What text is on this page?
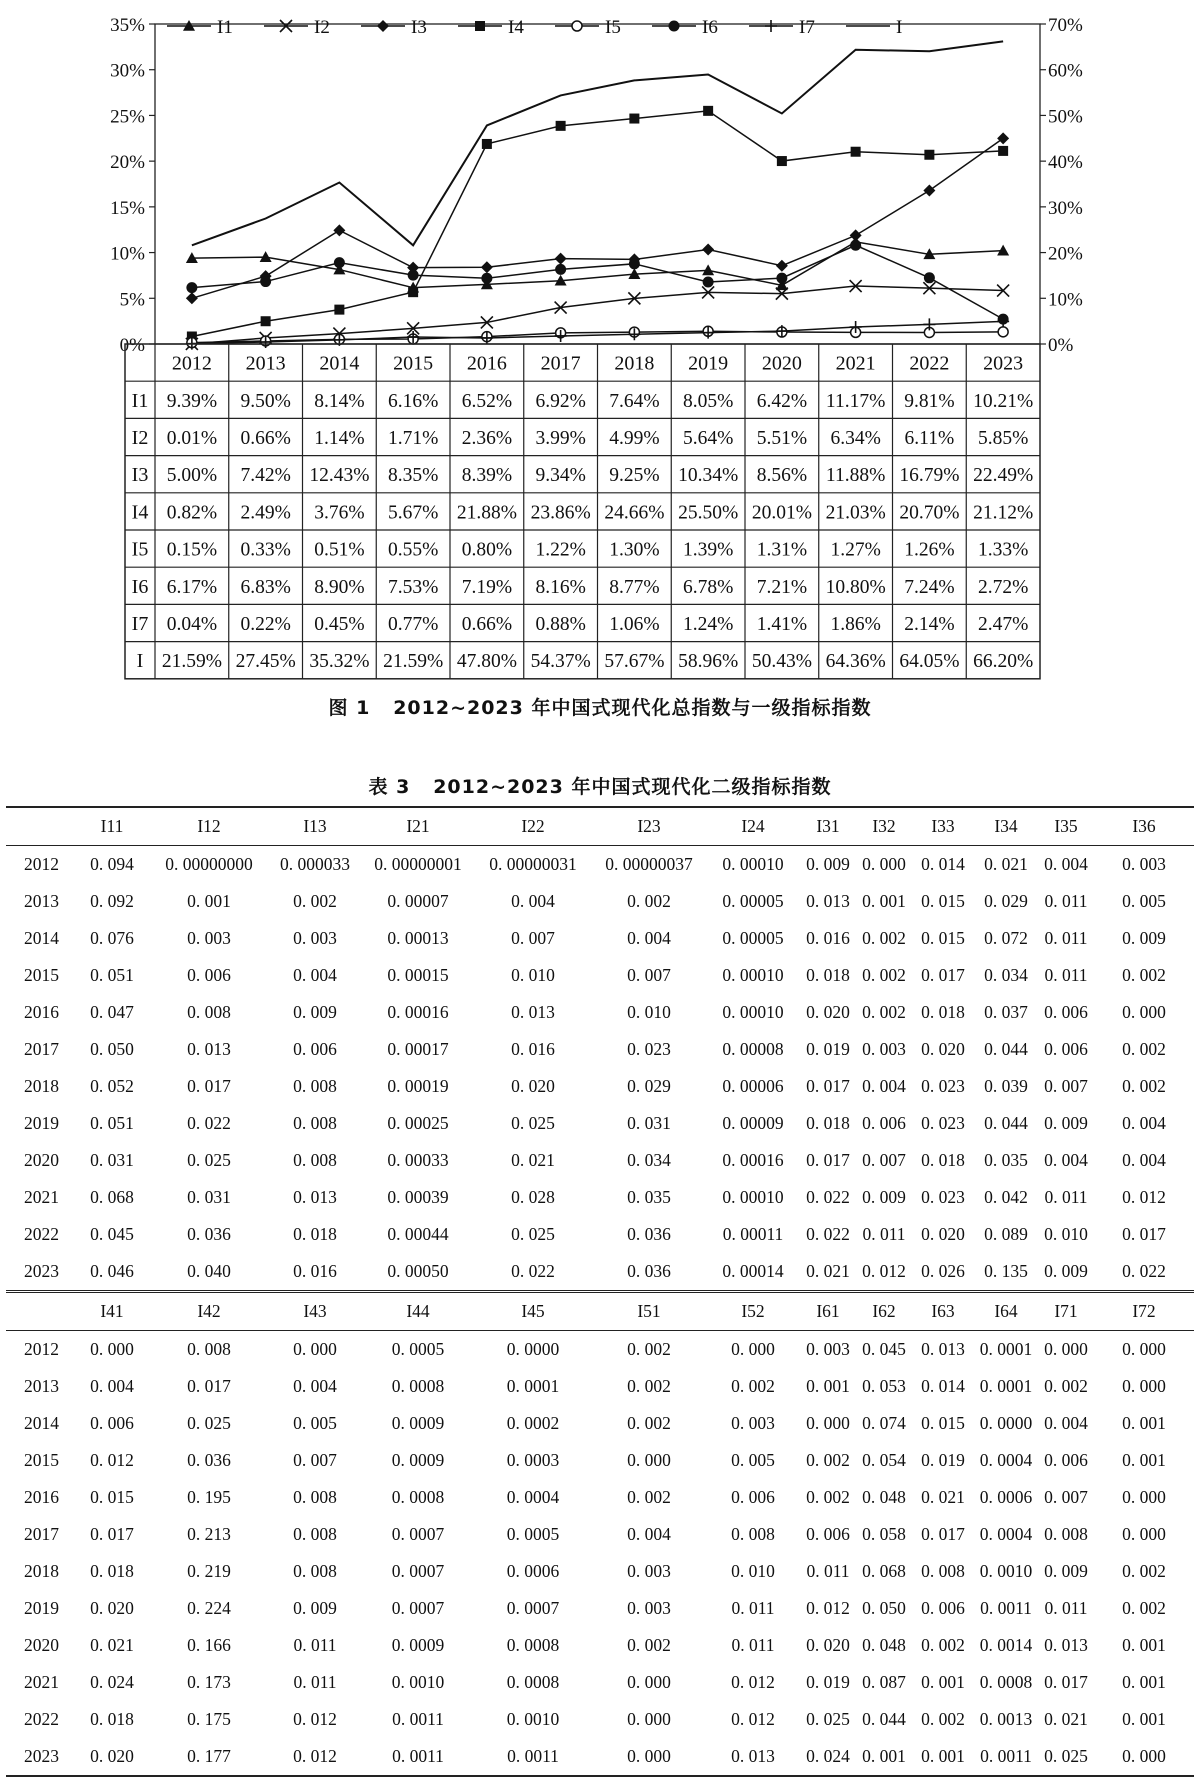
0%
5%
10%
15%
20%
25%
30%
35%
0%
10%
20%
30%
40%
50%
60%
70%
I1	I2	I3	I4	I5	I6	I7	I
2012 2013 2014 2015 2016 2017 2018 2019 2020 2021 2022 2023
I1 9.39% 9.50% 8.14% 6.16% 6.52% 6.92% 7.64% 8.05% 6.42% 11.17% 9.81% 10.21%
I2 0.01% 0.66% 1.14% 1.71% 2.36% 3.99% 4.99% 5.64% 5.51% 6.34% 6.11% 5.85%
I3 5.00% 7.42% 12.43% 8.35% 8.39% 9.34% 9.25% 10.34% 8.56% 11.88% 16.79% 22.49%
I4 0.82% 2.49% 3.76% 5.67% 21.88% 23.86% 24.66% 25.50% 20.01% 21.03% 20.70% 21.12%
I5 0.15% 0.33% 0.51% 0.55% 0.80% 1.22% 1.30% 1.39% 1.31% 1.27% 1.26% 1.33%
I6 6.17% 6.83% 8.90% 7.53% 7.19% 8.16% 8.77% 6.78% 7.21% 10.80% 7.24% 2.72%
I7 0.04% 0.22% 0.45% 0.77% 0.66% 0.88% 1.06% 1.24% 1.41% 1.86% 2.14% 2.47%
I 21.59% 27.45% 35.32% 21.59% 47.80% 54.37% 57.67% 58.96% 50.43% 64.36% 64.05% 66.20%
图 1 2012~2023 年中国式现代化总指数与一级指标指数
表 3 2012~2023 年中国式现代化二级指标指数
	I11	I12	I13	I21	I22	I23	I24	I31	I32	I33	I34	I35	I36
2012	0. 094	0. 00000000	0. 000033	0. 00000001	0. 00000031	0. 00000037	0. 00010	0. 009	0. 000	0. 014	0. 021	0. 004	0. 003
2013	0. 092	0. 001	0. 002	0. 00007	0. 004	0. 002	0. 00005	0. 013	0. 001	0. 015	0. 029	0. 011	0. 005
2014	0. 076	0. 003	0. 003	0. 00013	0. 007	0. 004	0. 00005	0. 016	0. 002	0. 015	0. 072	0. 011	0. 009
2015	0. 051	0. 006	0. 004	0. 00015	0. 010	0. 007	0. 00010	0. 018	0. 002	0. 017	0. 034	0. 011	0. 002
2016	0. 047	0. 008	0. 009	0. 00016	0. 013	0. 010	0. 00010	0. 020	0. 002	0. 018	0. 037	0. 006	0. 000
2017	0. 050	0. 013	0. 006	0. 00017	0. 016	0. 023	0. 00008	0. 019	0. 003	0. 020	0. 044	0. 006	0. 002
2018	0. 052	0. 017	0. 008	0. 00019	0. 020	0. 029	0. 00006	0. 017	0. 004	0. 023	0. 039	0. 007	0. 002
2019	0. 051	0. 022	0. 008	0. 00025	0. 025	0. 031	0. 00009	0. 018	0. 006	0. 023	0. 044	0. 009	0. 004
2020	0. 031	0. 025	0. 008	0. 00033	0. 021	0. 034	0. 00016	0. 017	0. 007	0. 018	0. 035	0. 004	0. 004
2021	0. 068	0. 031	0. 013	0. 00039	0. 028	0. 035	0. 00010	0. 022	0. 009	0. 023	0. 042	0. 011	0. 012
2022	0. 045	0. 036	0. 018	0. 00044	0. 025	0. 036	0. 00011	0. 022	0. 011	0. 020	0. 089	0. 010	0. 017
2023	0. 046	0. 040	0. 016	0. 00050	0. 022	0. 036	0. 00014	0. 021	0. 012	0. 026	0. 135	0. 009	0. 022
	I41	I42	I43	I44	I45	I51	I52	I61	I62	I63	I64	I71	I72
2012	0. 000	0. 008	0. 000	0. 0005	0. 0000	0. 002	0. 000	0. 003	0. 045	0. 013	0. 0001	0. 000	0. 000
2013	0. 004	0. 017	0. 004	0. 0008	0. 0001	0. 002	0. 002	0. 001	0. 053	0. 014	0. 0001	0. 002	0. 000
2014	0. 006	0. 025	0. 005	0. 0009	0. 0002	0. 002	0. 003	0. 000	0. 074	0. 015	0. 0000	0. 004	0. 001
2015	0. 012	0. 036	0. 007	0. 0009	0. 0003	0. 000	0. 005	0. 002	0. 054	0. 019	0. 0004	0. 006	0. 001
2016	0. 015	0. 195	0. 008	0. 0008	0. 0004	0. 002	0. 006	0. 002	0. 048	0. 021	0. 0006	0. 007	0. 000
2017	0. 017	0. 213	0. 008	0. 0007	0. 0005	0. 004	0. 008	0. 006	0. 058	0. 017	0. 0004	0. 008	0. 000
2018	0. 018	0. 219	0. 008	0. 0007	0. 0006	0. 003	0. 010	0. 011	0. 068	0. 008	0. 0010	0. 009	0. 002
2019	0. 020	0. 224	0. 009	0. 0007	0. 0007	0. 003	0. 011	0. 012	0. 050	0. 006	0. 0011	0. 011	0. 002
2020	0. 021	0. 166	0. 011	0. 0009	0. 0008	0. 002	0. 011	0. 020	0. 048	0. 002	0. 0014	0. 013	0. 001
2021	0. 024	0. 173	0. 011	0. 0010	0. 0008	0. 000	0. 012	0. 019	0. 087	0. 001	0. 0008	0. 017	0. 001
2022	0. 018	0. 175	0. 012	0. 0011	0. 0010	0. 000	0. 012	0. 025	0. 044	0. 002	0. 0013	0. 021	0. 001
2023	0. 020	0. 177	0. 012	0. 0011	0. 0011	0. 000	0. 013	0. 024	0. 001	0. 001	0. 0011	0. 025	0. 000
